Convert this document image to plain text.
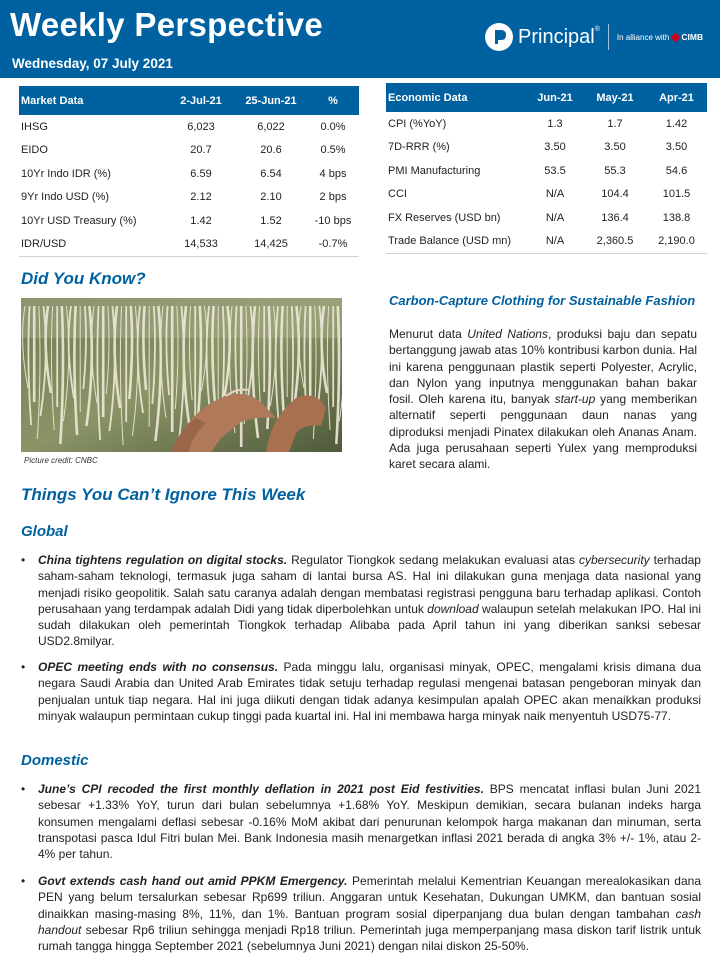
Weekly Perspective
Wednesday, 07 July 2021
Principal®
In alliance with CIMB
Market Data	2-Jul-21	25-Jun-21	%
IHSG	6,023	6,022	0.0%
EIDO	20.7	20.6	0.5%
10Yr Indo IDR (%)	6.59	6.54	4 bps
9Yr Indo USD (%)	2.12	2.10	2 bps
10Yr USD Treasury (%)	1.42	1.52	-10 bps
IDR/USD	14,533	14,425	-0.7%
Economic Data	Jun-21	May-21	Apr-21
CPI (%YoY)	1.3	1.7	1.42
7D-RRR (%)	3.50	3.50	3.50
PMI Manufacturing	53.5	55.3	54.6
CCI	N/A	104.4	101.5
FX Reserves (USD bn)	N/A	136.4	138.8
Trade Balance (USD mn)	N/A	2,360.5	2,190.0
Did You Know?
Picture credit: CNBC
Carbon-Capture Clothing for Sustainable Fashion
Menurut data United Nations, produksi baju dan sepatu bertanggung jawab atas 10% kontribusi karbon dunia. Hal ini karena penggunaan plastik seperti Polyester, Acrylic, dan Nylon yang inputnya menggunakan bahan bakar fosil. Oleh karena itu, banyak start-up yang memberikan alternatif seperti penggunaan daun nanas yang diproduksi menjadi Pinatex dilakukan oleh Ananas Anam. Ada juga perusahaan seperti Yulex yang memproduksi karet secara alami.
Things You Can’t Ignore This Week
Global
• China tightens regulation on digital stocks. Regulator Tiongkok sedang melakukan evaluasi atas cybersecurity terhadap saham-saham teknologi, termasuk juga saham di lantai bursa AS. Hal ini dilakukan guna menjaga data nasional yang menjadi risiko geopolitik. Salah satu caranya adalah dengan membatasi registrasi pengguna baru terhadap aplikasi. Contoh perusahaan yang terdampak adalah Didi yang tidak diperbolehkan untuk download walaupun setelah melakukan IPO. Hal ini sudah dilakukan oleh pemerintah Tiongkok terhadap Alibaba pada April tahun ini yang diberikan sanksi sebesar USD2.8milyar.
• OPEC meeting ends with no consensus. Pada minggu lalu, organisasi minyak, OPEC, mengalami krisis dimana dua negara Saudi Arabia dan United Arab Emirates tidak setuju terhadap regulasi mengenai batasan pengeboran minyak dan penjualan untuk tiap negara. Hal ini juga diikuti dengan tidak adanya kesimpulan apalah OPEC akan menaikkan produksi minyak walaupun permintaan cukup tinggi pada kuartal ini. Hal ini membawa harga minyak naik menyentuh USD75-77.
Domestic
• June’s CPI recoded the first monthly deflation in 2021 post Eid festivities. BPS mencatat inflasi bulan Juni 2021 sebesar +1.33% YoY, turun dari bulan sebelumnya +1.68% YoY. Meskipun demikian, secara bulanan indeks harga konsumen mengalami deflasi sebesar -0.16% MoM akibat dari penurunan kelompok harga makanan dan minuman, serta transpotasi pasca Idul Fitri bulan Mei. Bank Indonesia masih menargetkan inflasi 2021 berada di angka 3% +/- 1%, atau 2-4% per tahun.
• Govt extends cash hand out amid PPKM Emergency. Pemerintah melalui Kementrian Keuangan merealokasikan dana PEN yang belum tersalurkan sebesar Rp699 triliun. Anggaran untuk Kesehatan, Dukungan UMKM, dan bantuan sosial dinaikkan masing-masing 8%, 11%, dan 1%. Bantuan program sosial diperpanjang dua bulan dengan tambahan cash handout sebesar Rp6 triliun sehingga menjadi Rp18 triliun. Pemerintah juga memperpanjang masa diskon tarif listrik untuk rumah tangga hingga September 2021 (sebelumnya Juni 2021) dengan nilai diskon 25-50%.
